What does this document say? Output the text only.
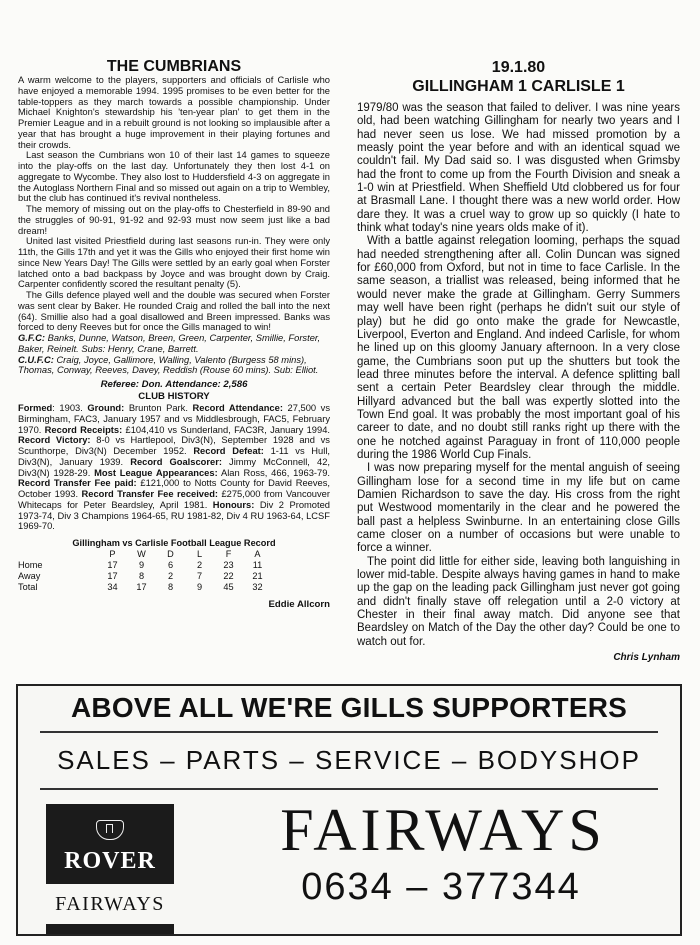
THE CUMBRIANS

A warm welcome to the players, supporters and officials of Carlisle who have enjoyed a memorable 1994. 1995 promises to be even better for the table-toppers as they march towards a possible championship. Under Michael Knighton's stewardship his 'ten-year plan' to get them in the Premier League and in a rebuilt ground is not looking so implausible after a year that has brought a huge improvement in their playing fortunes and their crowds.

Last season the Cumbrians won 10 of their last 14 games to squeeze into the play-offs on the last day. Unfortunately they then lost 4-1 on aggregate to Wycombe. They also lost to Huddersfield 4-3 on aggregate in the Autoglass Northern Final and so missed out again on a trip to Wembley, but the club has continued it's revival nontheless.

The memory of missing out on the play-offs to Chesterfield in 89-90 and the struggles of 90-91, 91-92 and 92-93 must now seem just like a bad dream!

United last visited Priestfield during last seasons run-in. They were only 11th, the Gills 17th and yet it was the Gills who enjoyed their first home win since New Years Day! The Gills were settled by an early goal when Forster latched onto a bad backpass by Joyce and was brought down by Craig. Carpenter confidently scored the resultant penalty (5).

The Gills defence played well and the double was secured when Forster was sent clear by Baker. He rounded Craig and rolled the ball into the next (64). Smillie also had a goal disallowed and Breen impressed. Banks was forced to deny Reeves but for once the Gills managed to win!

G.F.C: Banks, Dunne, Watson, Breen, Green, Carpenter, Smillie, Forster, Baker, Reinelt. Subs: Henry, Crane, Barrett.
C.U.F.C: Craig, Joyce, Gallimore, Walling, Valento (Burgess 58 mins), Thomas, Conway, Reeves, Davey, Reddish (Rouse 60 mins). Sub: Elliot.
Referee: Don. Attendance: 2,586
CLUB HISTORY
Formed: 1903. Ground: Brunton Park. Record Attendance: 27,500 vs Birmingham, FAC3, January 1957 and vs Middlesbrough, FAC5, February 1970. Record Receipts: £104,410 vs Sunderland, FAC3R, January 1994. Record Victory: 8-0 vs Hartlepool, Div3(N), September 1928 and vs Scunthorpe, Div3(N) December 1952. Record Defeat: 1-11 vs Hull, Div3(N), January 1939. Record Goalscorer: Jimmy McConnell, 42, Div3(N) 1928-29. Most League Appearances: Alan Ross, 466, 1963-79. Record Transfer Fee paid: £121,000 to Notts County for David Reeves, October 1993. Record Transfer Fee received: £275,000 from Vancouver Whitecaps for Peter Beardsley, April 1981. Honours: Div 2 Promoted 1973-74, Div 3 Champions 1964-65, RU 1981-82, Div 4 RU 1963-64, LCSF 1969-70.
Gillingham vs Carlisle Football League Record
	P	W	D	L	F	A
Home	17	9	6	2	23	11
Away	17	8	2	7	22	21
Total	34	17	8	9	45	32
Eddie Allcorn
19.1.80
GILLINGHAM 1 CARLISLE 1

1979/80 was the season that failed to deliver. I was nine years old, had been watching Gillingham for nearly two years and I had never seen us lose. We had missed promotion by a measly point the year before and with an identical squad we couldn't fail. My Dad said so. I was disgusted when Grimsby had the front to come up from the Fourth Division and sneak a 1-0 win at Priestfield. When Sheffield Utd clobbered us for four at Brasmall Lane. I thought there was a new world order. How dare they. It was a cruel way to grow up so quickly (I hate to think what today's nine years olds make of it).

With a battle against relegation looming, perhaps the squad had needed strengthening after all. Colin Duncan was signed for £60,000 from Oxford, but not in time to face Carlisle. In the same season, a triallist was released, being informed that he would never make the grade at Gillingham. Gerry Summers may well have been right (perhaps he didn't suit our style of play) but he did go onto make the grade for Newcastle, Liverpool, Everton and England. And indeed Carlisle, for whom he lined up on this gloomy January afternoon. In a very close game, the Cumbrians soon put up the shutters but took the lead three minutes before the interval. A defence splitting ball sent a certain Peter Beardsley clear through the middle. Hillyard advanced but the ball was expertly slotted into the Town End goal. It was probably the most important goal of his career to date, and no doubt still ranks right up there with the one he notched against Paraguay in front of 110,000 people during the 1986 World Cup Finals.

I was now preparing myself for the mental anguish of seeing Gillingham lose for a second time in my life but on came Damien Richardson to save the day. His cross from the right put Westwood momentarily in the clear and he powered the ball past a helpless Swinburne. In an entertaining close Gills came closer on a number of occasions but were unable to force a winner.

The point did little for either side, leaving both languishing in lower mid-table. Despite always having games in hand to make up the gap on the leading pack Gillingham just never got going and didn't finally stave off relegation until a 2-0 victory at Chester in their final away match. Did anyone see that Beardsley on Match of the Day the other day? Could be one to watch out for.

Chris Lynham
ABOVE ALL WE'RE GILLS SUPPORTERS
SALES – PARTS – SERVICE – BODYSHOP
ROVER
FAIRWAYS
FAIRWAYS
0634 – 377344
